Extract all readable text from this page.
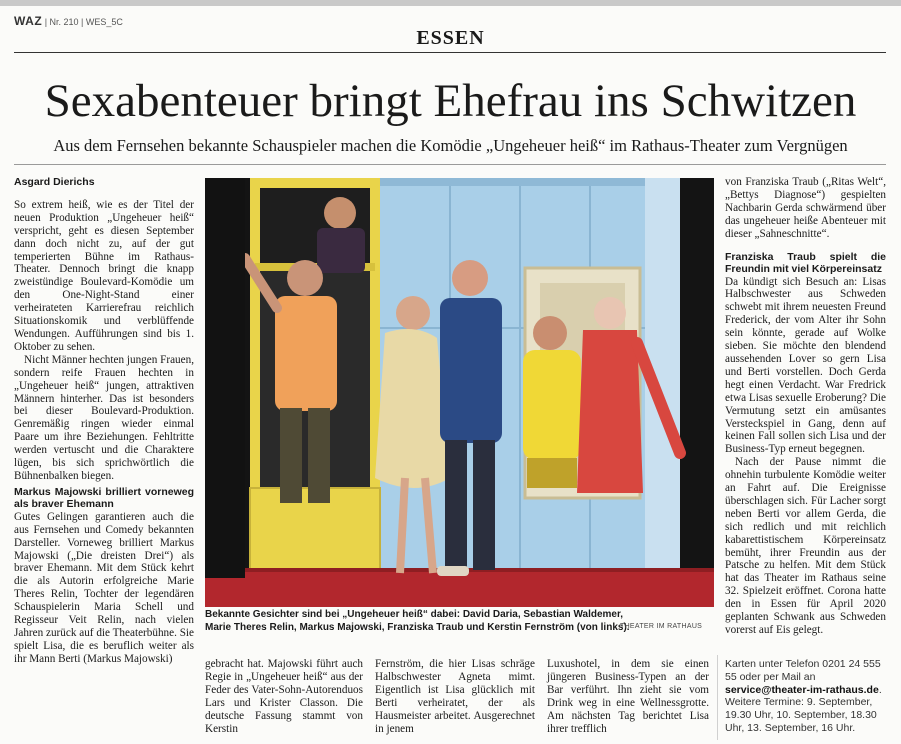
WAZ | Nr. 210 | WES_5C
ESSEN
Sexabenteuer bringt Ehefrau ins Schwitzen
Aus dem Fernsehen bekannte Schauspieler machen die Komödie „Ungeheuer heiß“ im Rathaus-Theater zum Vergnügen
Asgard Dierichs

So extrem heiß, wie es der Titel der neuen Produktion „Ungeheuer heiß“ verspricht, geht es diesen September dann doch nicht zu, auf der gut temperierten Bühne im Rathaus-Theater. Dennoch bringt die knapp zweistündige Boulevard-Komödie um den One-Night-Stand einer verheirateten Karrierefrau reichlich Situationskomik und verblüffende Wendungen. Aufführungen sind bis 1. Oktober zu sehen.

Nicht Männer hechten jungen Frauen, sondern reife Frauen hechten in „Ungeheuer heiß“ jungen, attraktiven Männern hinterher. Das ist besonders bei dieser Boulevard-Produktion. Genremäßig ringen wieder einmal Paare um ihre Beziehungen. Fehltritte werden vertuscht und die Charaktere lügen, bis sich sprichwörtlich die Bühnenbalken biegen.

Markus Majowski brilliert vorneweg als braver Ehemann

Gutes Gelingen garantieren auch die aus Fernsehen und Comedy bekannten Darsteller. Vorneweg brilliert Markus Majowski („Die dreisten Drei“) als braver Ehemann. Mit dem Stück kehrt die als Autorin erfolgreiche Marie Theres Relin, Tochter der legendären Schauspielerin Maria Schell und Regisseur Veit Relin, nach vielen Jahren zurück auf die Theaterbühne. Sie spielt Lisa, die es beruflich weiter als ihr Mann Berti (Markus Majowski)

Bekannte Gesichter sind bei „Ungeheuer heiß“ dabei: David Daria, Sebastian Waldemer, Marie Theres Relin, Markus Majowski, Franziska Traub und Kerstin Fernström (von links).
THEATER IM RATHAUS

von Franziska Traub („Ritas Welt“, „Bettys Diagnose“) gespielten Nachbarin Gerda schwärmend über das ungeheuer heiße Abenteuer mit dieser „Sahneschnitte“.

Franziska Traub spielt die Freundin mit viel Körpereinsatz

Da kündigt sich Besuch an: Lisas Halbschwester aus Schweden schwebt mit ihrem neuesten Freund Frederick, der vom Alter ihr Sohn sein könnte, gerade auf Wolke sieben. Sie möchte den blendend aussehenden Lover so gern Lisa und Berti vorstellen. Doch Gerda hegt einen Verdacht. War Fredrick etwa Lisas sexuelle Eroberung? Die Vermutung setzt ein amüsantes Versteckspiel in Gang, denn auf keinen Fall sollen sich Lisa und der Business-Typ erneut begegnen.

Nach der Pause nimmt die ohnehin turbulente Komödie weiter an Fahrt auf. Die Ereignisse überschlagen sich. Für Lacher sorgt neben Berti vor allem Gerda, die sich redlich und mit reichlich kabarettistischem Körpereinsatz bemüht, ihrer Freundin aus der Patsche zu helfen. Mit dem Stück hat das Theater im Rathaus seine 32. Spielzeit eröffnet. Corona hatte den in Essen für April 2020 geplanten Schwank aus Schweden vorerst auf Eis gelegt.

gebracht hat. Majowski führt auch Regie in „Ungeheuer heiß“ aus der Feder des Vater-Sohn-Autorenduos Lars und Krister Classon. Die deutsche Fassung stammt von Kerstin

Fernström, die hier Lisas schräge Halbschwester Agneta mimt. Eigentlich ist Lisa glücklich mit Berti verheiratet, der als Hausmeister arbeitet. Ausgerechnet in jenem

Luxushotel, in dem sie einen jüngeren Business-Typen an der Bar verführt. Ihn zieht sie vom Drink weg in eine Wellnessgrotte. Am nächsten Tag berichtet Lisa ihrer trefflich

Karten unter Telefon 0201 24 555 55 oder per Mail an service@theater-im-rathaus.de. Weitere Termine: 9. September, 19.30 Uhr, 10. September, 18.30 Uhr, 13. September, 16 Uhr.
